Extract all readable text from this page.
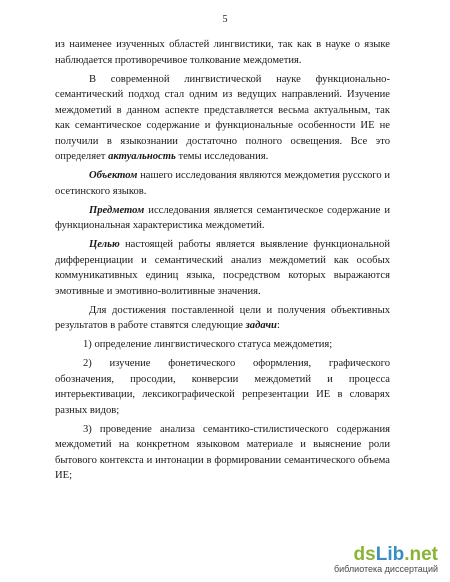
5

из наименее изученных областей лингвистики, так как в науке о языке наблюдается противоречивое толкование междометия.

В современной лингвистической науке функционально-семантический подход стал одним из ведущих направлений. Изучение междометий в данном аспекте представляется весьма актуальным, так как семантическое содержание и функциональные особенности ИЕ не получили в языкознании достаточно полного освещения. Все это определяет актуальность темы исследования.

Объектом нашего исследования являются междометия русского и осетинского языков.

Предметом исследования является семантическое содержание и функциональная характеристика междометий.

Целью настоящей работы является выявление функциональной дифференциации и семантический анализ междометий как особых коммуникативных единиц языка, посредством которых выражаются эмотивные и эмотивно-волитивные значения.

Для достижения поставленной цели и получения объективных результатов в работе ставятся следующие задачи:

1) определение лингвистического статуса междометия;

2) изучение фонетического оформления, графического обозначения, просодии, конверсии междометий и процесса интерьективации, лексикографической репрезентации ИЕ в словарях разных видов;

3) проведение анализа семантико-стилистического содержания междометий на конкретном языковом материале и выяснение роли бытового контекста и интонации в формировании семантического объема ИЕ;

ds Lib .net
библиотека диссертаций
